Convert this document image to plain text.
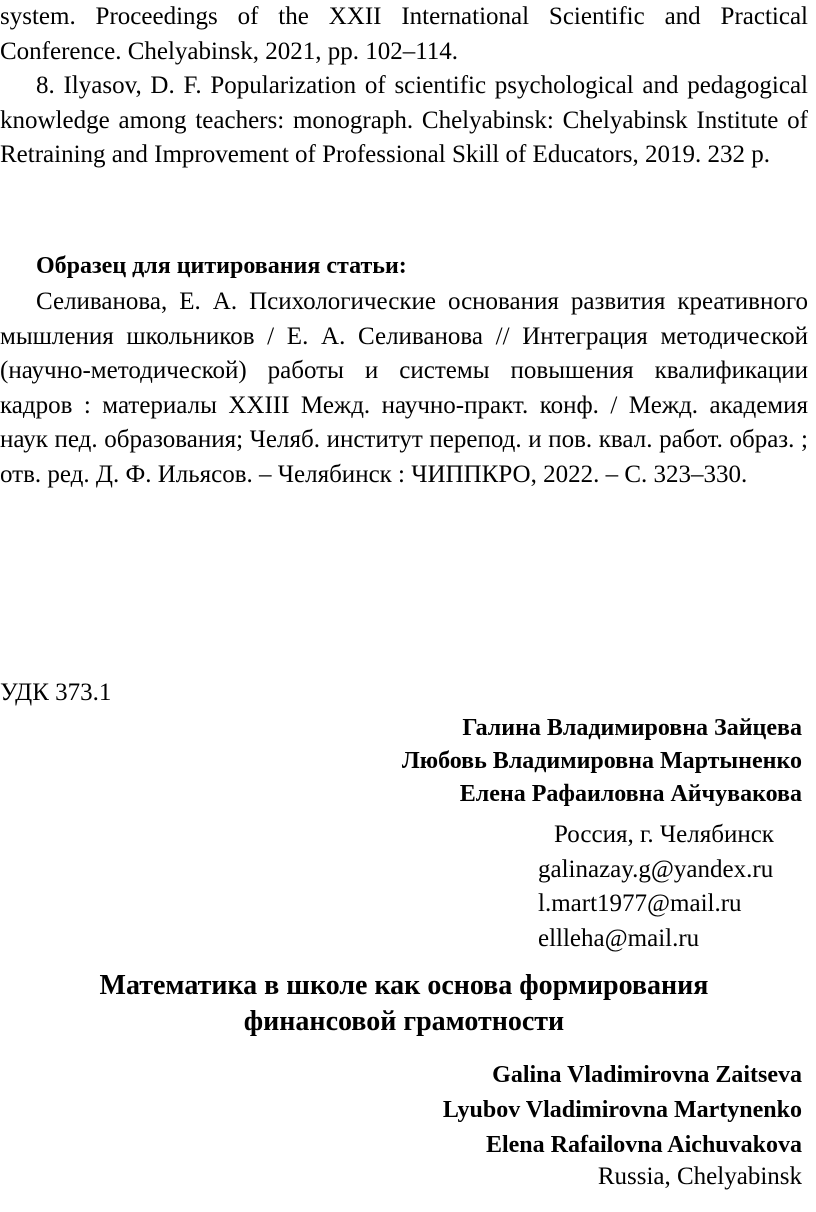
system. Proceedings of the XXII International Scientific and Practical Conference. Chelyabinsk, 2021, pp. 102–114.

8. Ilyasov, D. F. Popularization of scientific psychological and pedagogical knowledge among teachers: monograph. Chelyabinsk: Chelyabinsk Institute of Retraining and Improvement of Professional Skill of Educators, 2019. 232 p.

Образец для цитирования статьи:

Селиванова, Е. А. Психологические основания развития креативного мышления школьников / Е. А. Селиванова // Интеграция методической (научно-методической) работы и системы повышения квалификации кадров : материалы XXIII Межд. научно-практ. конф. / Межд. академия наук пед. образования; Челяб. институт перепод. и пов. квал. работ. образ. ; отв. ред. Д. Ф. Ильясов. – Челябинск : ЧИППКРО, 2022. – С. 323–330.

УДК 373.1

Галина Владимировна Зайцева
Любовь Владимировна Мартыненко
Елена Рафаиловна Айчувакова
Россия, г. Челябинск
galinazay.g@yandex.ru
l.mart1977@mail.ru
ellleha@mail.ru
Математика в школе как основа формирования
финансовой грамотности
Galina Vladimirovna Zaitseva
Lyubov Vladimirovna Martynenko
Elena Rafailovna Aichuvakova

Russia, Chelyabinsk
